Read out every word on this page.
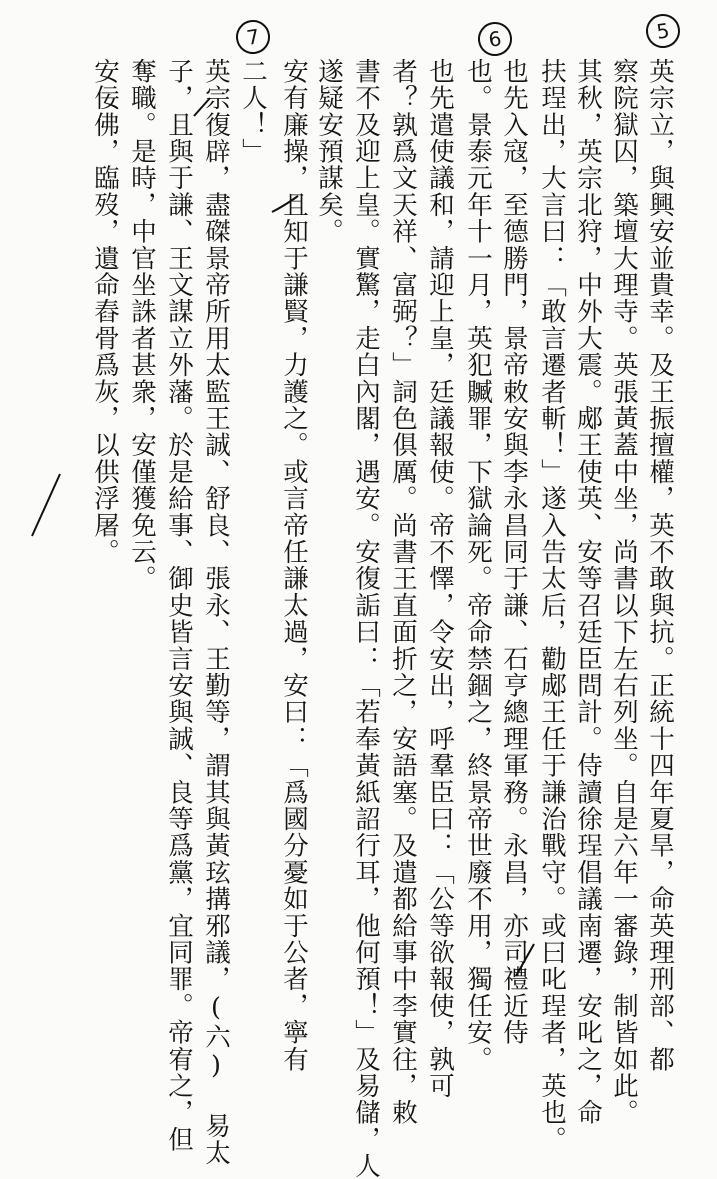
5
6
7
英宗立，與興安並貴幸。及王振擅權，英不敢與抗。正統十四年夏旱，命英理刑部、都
察院獄囚，築壇大理寺。英張黃蓋中坐，尚書以下左右列坐。自是六年一審錄，制皆如此。
其秋，英宗北狩，中外大震。郕王使英、安等召廷臣問計。侍讀徐珵倡議南遷，安叱之，命
扶珵出，大言曰：「敢言遷者斬！」遂入告太后，勸郕王任于謙治戰守。或曰叱珵者，英也。
也先入寇，至德勝門，景帝敕安與李永昌同于謙、石亨總理軍務。永昌，亦司禮近侍
也。景泰元年十一月，英犯贓罪，下獄論死。帝命禁錮之，終景帝世廢不用，獨任安。
也先遣使議和，請迎上皇，廷議報使。帝不懌，令安出，呼羣臣曰：「公等欲報使，孰可
者？孰爲文天祥、富弼？」詞色俱厲。尚書王直面折之，安語塞。及遣都給事中李實往，敕
書不及迎上皇。實驚，走白內閣，遇安。安復詬曰：「若奉黃紙詔行耳，他何預！」及易儲，人
遂疑安預謀矣。
安有廉操，且知于謙賢，力護之。或言帝任謙太過，安曰：「爲國分憂如于公者，寧有
二人！」
英宗復辟，盡磔景帝所用太監王誠、舒良、張永、王勤等，謂其與黃玹搆邪議，(六) 易太
子，且與于謙、王文謀立外藩。於是給事、御史皆言安與誠、良等爲黨，宜同罪。帝宥之，但
奪職。是時，中官坐誅者甚衆，安僅獲免云。
安佞佛，臨歿，遺命舂骨爲灰，以供浮屠。
